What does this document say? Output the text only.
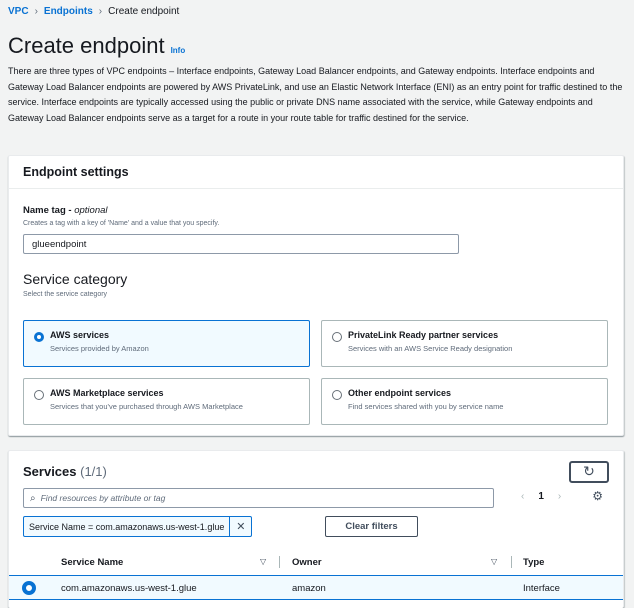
VPC › Endpoints › Create endpoint
Create endpoint Info

There are three types of VPC endpoints – Interface endpoints, Gateway Load Balancer endpoints, and Gateway endpoints. Interface endpoints and Gateway Load Balancer endpoints are powered by AWS PrivateLink, and use an Elastic Network Interface (ENI) as an entry point for traffic destined to the service. Interface endpoints are typically accessed using the public or private DNS name associated with the service, while Gateway endpoints and Gateway Load Balancer endpoints serve as a target for a route in your route table for traffic destined for the service.

Endpoint settings
Name tag - optional
Creates a tag with a key of 'Name' and a value that you specify.
glueendpoint
Service category
Select the service category
AWS services
Services provided by Amazon
PrivateLink Ready partner services
Services with an AWS Service Ready designation
AWS Marketplace services
Services that you've purchased through AWS Marketplace
Other endpoint services
Find services shared with you by service name
Services (1/1)	↻
⌕ Find resources by attribute or tag	‹ 1 ›	⚙
Service Name = com.amazonaws.us-west-1.glue	✕	Clear filters
Service Name	▽	Owner	▽	Type
com.amazonaws.us-west-1.glue	amazon	Interface
